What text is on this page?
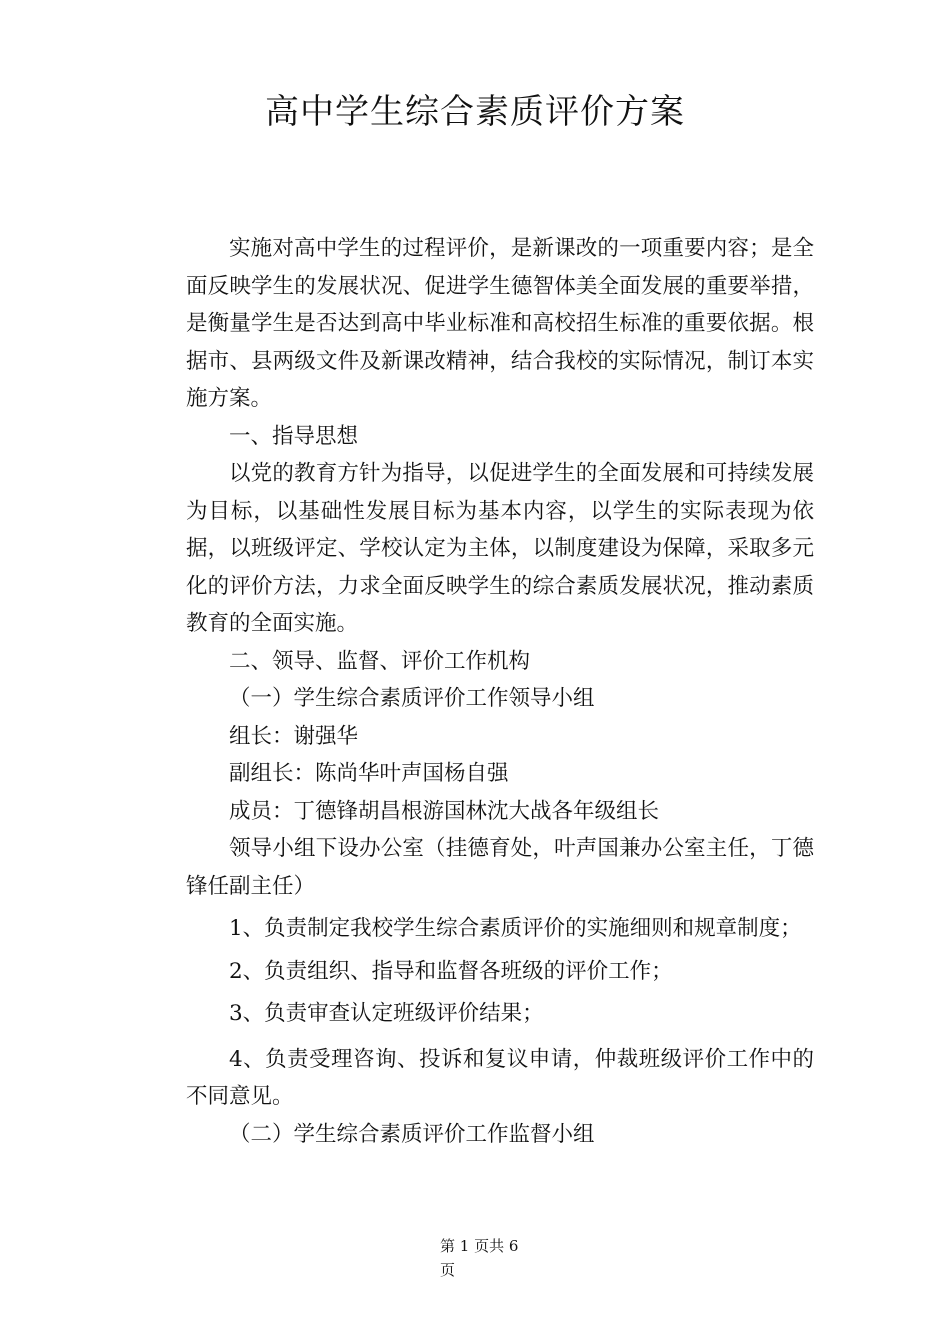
高中学生综合素质评价方案

实施对高中学生的过程评价，是新课改的一项重要内容；是全面反映学生的发展状况、促进学生德智体美全面发展的重要举措，是衡量学生是否达到高中毕业标准和高校招生标准的重要依据。根据市、县两级文件及新课改精神，结合我校的实际情况，制订本实施方案。

一、指导思想

以党的教育方针为指导，以促进学生的全面发展和可持续发展为目标，以基础性发展目标为基本内容，以学生的实际表现为依据，以班级评定、学校认定为主体，以制度建设为保障，采取多元化的评价方法，力求全面反映学生的综合素质发展状况，推动素质教育的全面实施。

二、领导、监督、评价工作机构

（一）学生综合素质评价工作领导小组

组长：谢强华

副组长：陈尚华叶声国杨自强

成员：丁德锋胡昌根游国林沈大战各年级组长

领导小组下设办公室（挂德育处，叶声国兼办公室主任，丁德锋任副主任）

1、负责制定我校学生综合素质评价的实施细则和规章制度；

2、负责组织、指导和监督各班级的评价工作；

3、负责审查认定班级评价结果；

4、负责受理咨询、投诉和复议申请，仲裁班级评价工作中的不同意见。

（二）学生综合素质评价工作监督小组

第 1 页共 6
页
